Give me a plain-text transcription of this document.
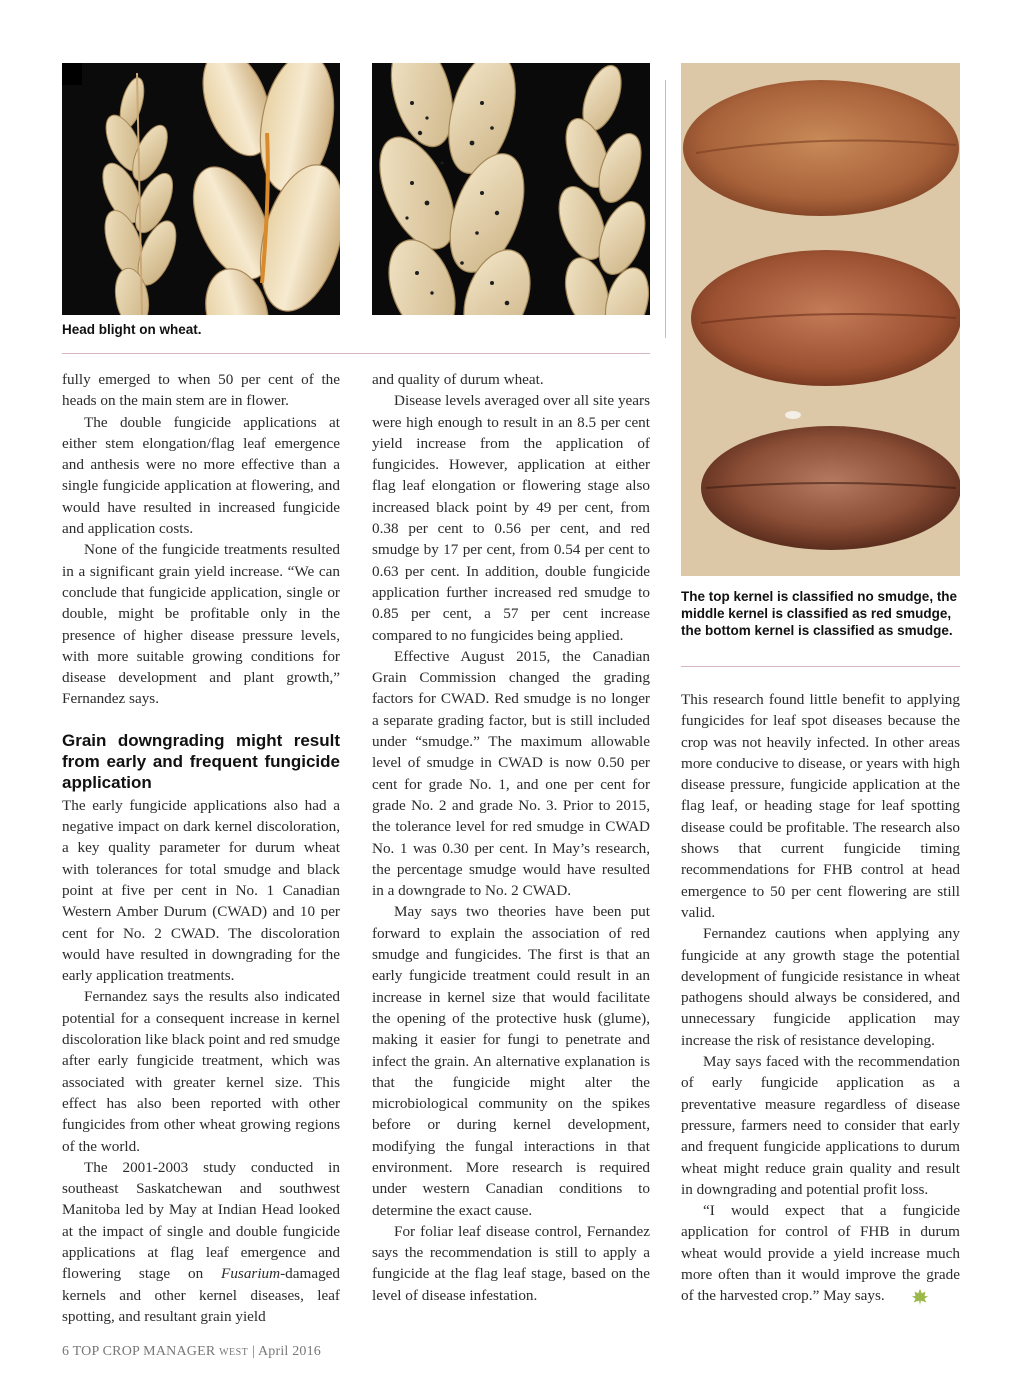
Head blight on wheat.
The top kernel is classified no smudge, the middle kernel is classified as red smudge, the bottom kernel is classified as smudge.

fully emerged to when 50 per cent of the heads on the main stem are in flower.

The double fungicide applications at either stem elongation/flag leaf emergence and anthesis were no more effective than a single fungicide application at flowering, and would have resulted in increased fungicide and application costs.

None of the fungicide treatments resulted in a significant grain yield increase. “We can conclude that fungicide application, single or double, might be profitable only in the presence of higher disease pressure levels, with more suitable growing conditions for disease development and plant growth,” Fernandez says.

Grain downgrading might result from early and frequent fungicide application

The early fungicide applications also had a negative impact on dark kernel discoloration, a key quality parameter for durum wheat with tolerances for total smudge and black point at five per cent in No. 1 Canadian Western Amber Durum (CWAD) and 10 per cent for No. 2 CWAD. The discoloration would have resulted in downgrading for the early application treatments.

Fernandez says the results also indicated potential for a consequent increase in kernel discoloration like black point and red smudge after early fungicide treatment, which was associated with greater kernel size. This effect has also been reported with other fungicides from other wheat growing regions of the world.

The 2001-2003 study conducted in southeast Saskatchewan and southwest Manitoba led by May at Indian Head looked at the impact of single and double fungicide applications at flag leaf emergence and flowering stage on Fusarium-damaged kernels and other kernel diseases, leaf spotting, and resultant grain yield

and quality of durum wheat.

Disease levels averaged over all site years were high enough to result in an 8.5 per cent yield increase from the application of fungicides. However, application at either flag leaf elongation or flowering stage also increased black point by 49 per cent, from 0.38 per cent to 0.56 per cent, and red smudge by 17 per cent, from 0.54 per cent to 0.63 per cent. In addition, double fungicide application further increased red smudge to 0.85 per cent, a 57 per cent increase compared to no fungicides being applied.

Effective August 2015, the Canadian Grain Commission changed the grading factors for CWAD. Red smudge is no longer a separate grading factor, but is still included under “smudge.” The maximum allowable level of smudge in CWAD is now 0.50 per cent for grade No. 1, and one per cent for grade No. 2 and grade No. 3. Prior to 2015, the tolerance level for red smudge in CWAD No. 1 was 0.30 per cent. In May’s research, the percentage smudge would have resulted in a downgrade to No. 2 CWAD.

May says two theories have been put forward to explain the association of red smudge and fungicides. The first is that an early fungicide treatment could result in an increase in kernel size that would facilitate the opening of the protective husk (glume), making it easier for fungi to penetrate and infect the grain. An alternative explanation is that the fungicide might alter the microbiological community on the spikes before or during kernel development, modifying the fungal interactions in that environment. More research is required under western Canadian conditions to determine the exact cause.

For foliar leaf disease control, Fernandez says the recommendation is still to apply a fungicide at the flag leaf stage, based on the level of disease infestation.

This research found little benefit to applying fungicides for leaf spot diseases because the crop was not heavily infected. In other areas more conducive to disease, or years with high disease pressure, fungicide application at the flag leaf, or heading stage for leaf spotting disease could be profitable. The research also shows that current fungicide timing recommendations for FHB control at head emergence to 50 per cent flowering are still valid.

Fernandez cautions when applying any fungicide at any growth stage the potential development of fungicide resistance in wheat pathogens should always be considered, and unnecessary fungicide application may increase the risk of resistance developing.

May says faced with the recommendation of early fungicide application as a preventative measure regardless of disease pressure, farmers need to consider that early and frequent fungicide applications to durum wheat might reduce grain quality and result in downgrading and potential profit loss.

“I would expect that a fungicide application for control of FHB in durum wheat would provide a yield increase much more often than it would improve the grade of the harvested crop.” May says.

6 TOP CROP MANAGER WEST | April 2016
